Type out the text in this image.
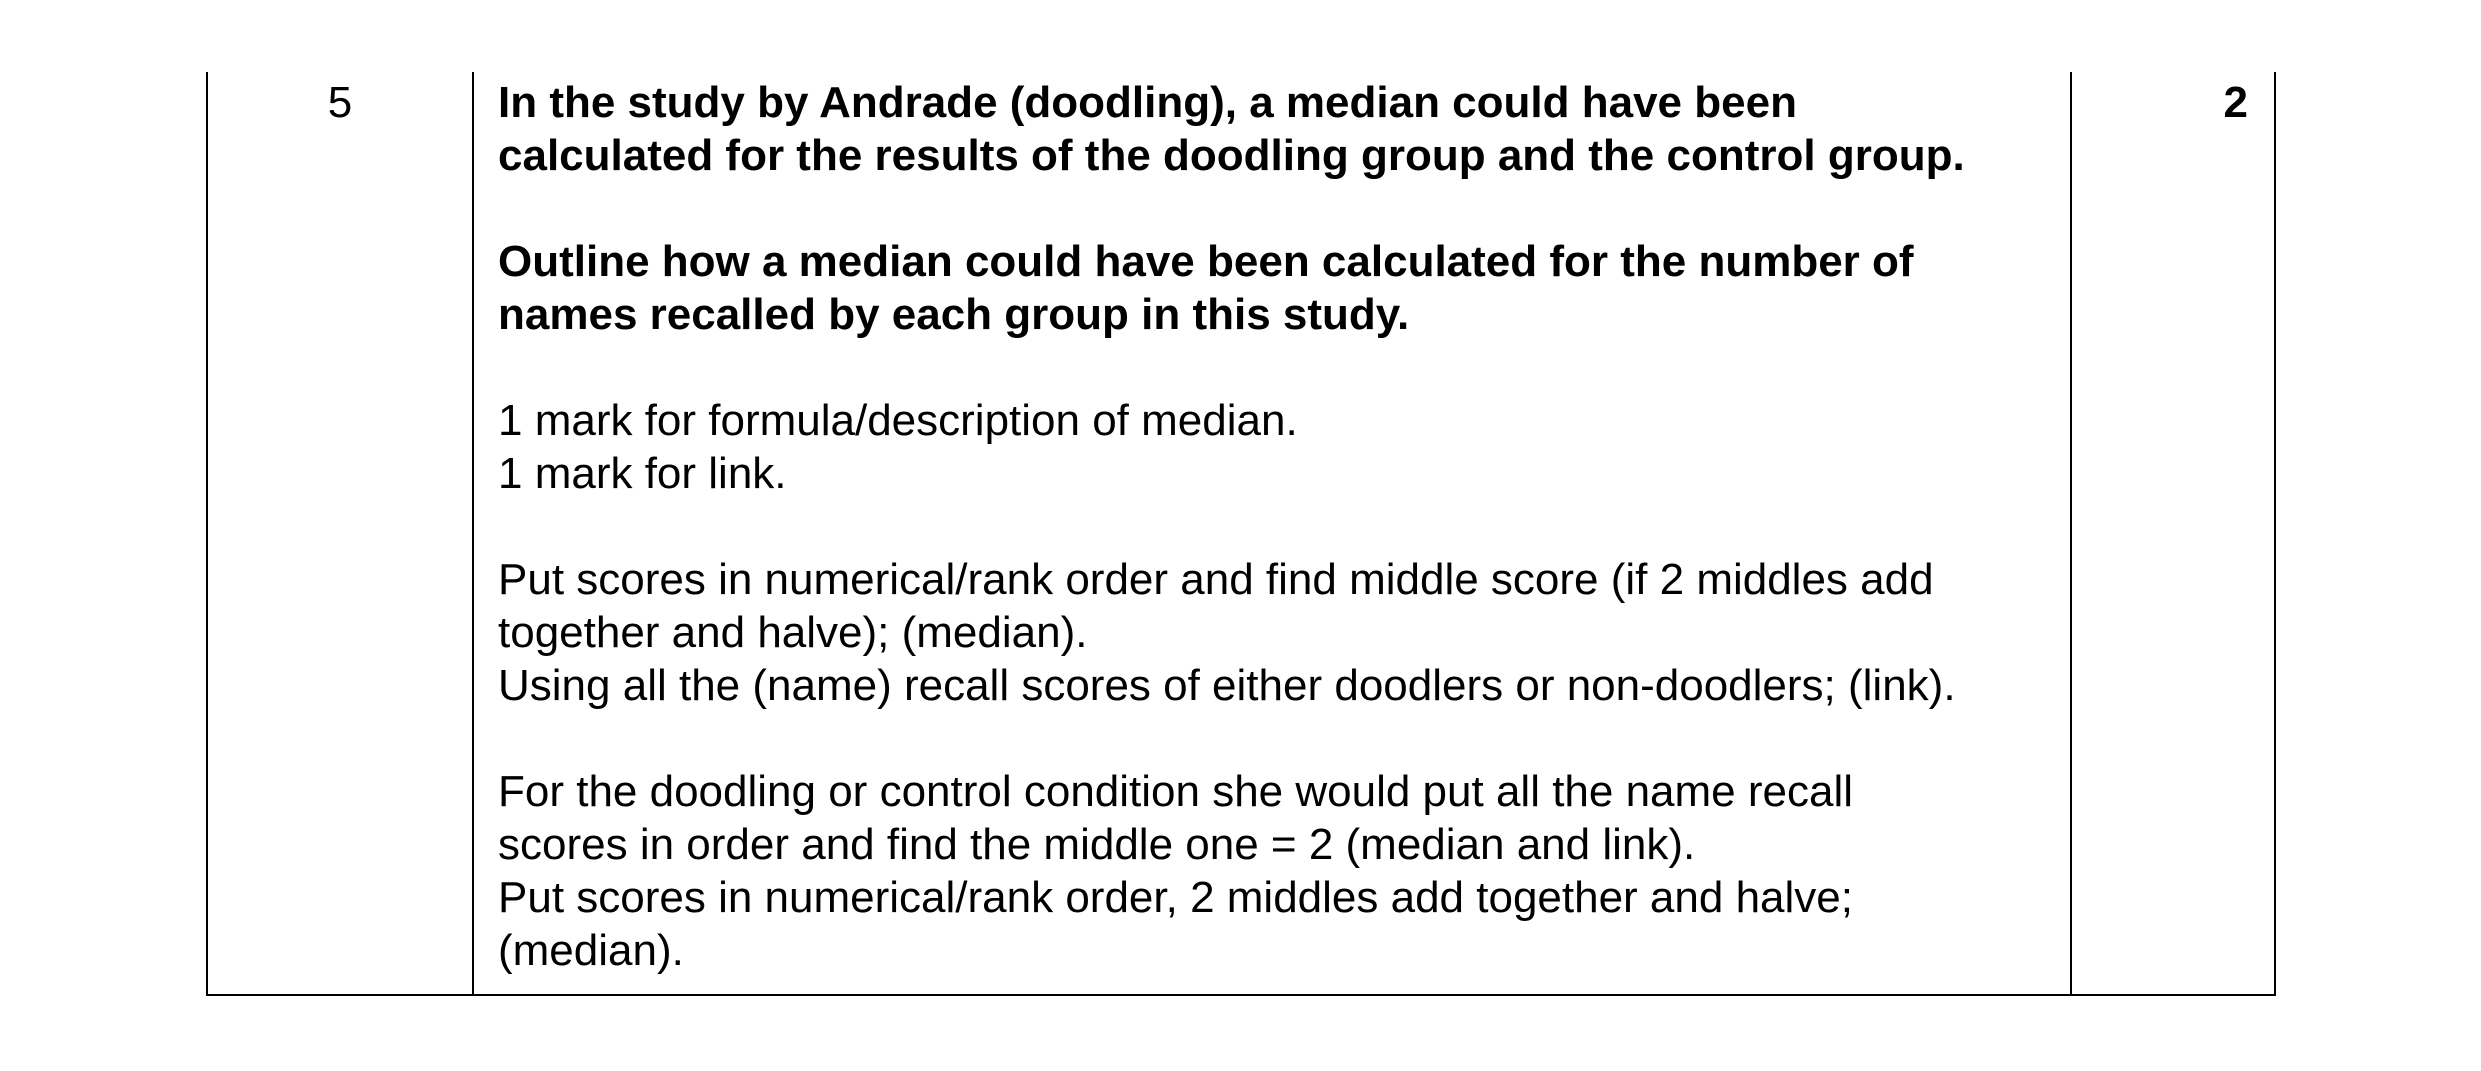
5	In the study by Andrade (doodling), a median could have been
calculated for the results of the doodling group and the control group.

Outline how a median could have been calculated for the number of
names recalled by each group in this study.

1 mark for formula/description of median.
1 mark for link.

Put scores in numerical/rank order and find middle score (if 2 middles add
together and halve); (median).
Using all the (name) recall scores of either doodlers or non-doodlers; (link).

For the doodling or control condition she would put all the name recall
scores in order and find the middle one = 2 (median and link).
Put scores in numerical/rank order, 2 middles add together and halve;
(median).

2
